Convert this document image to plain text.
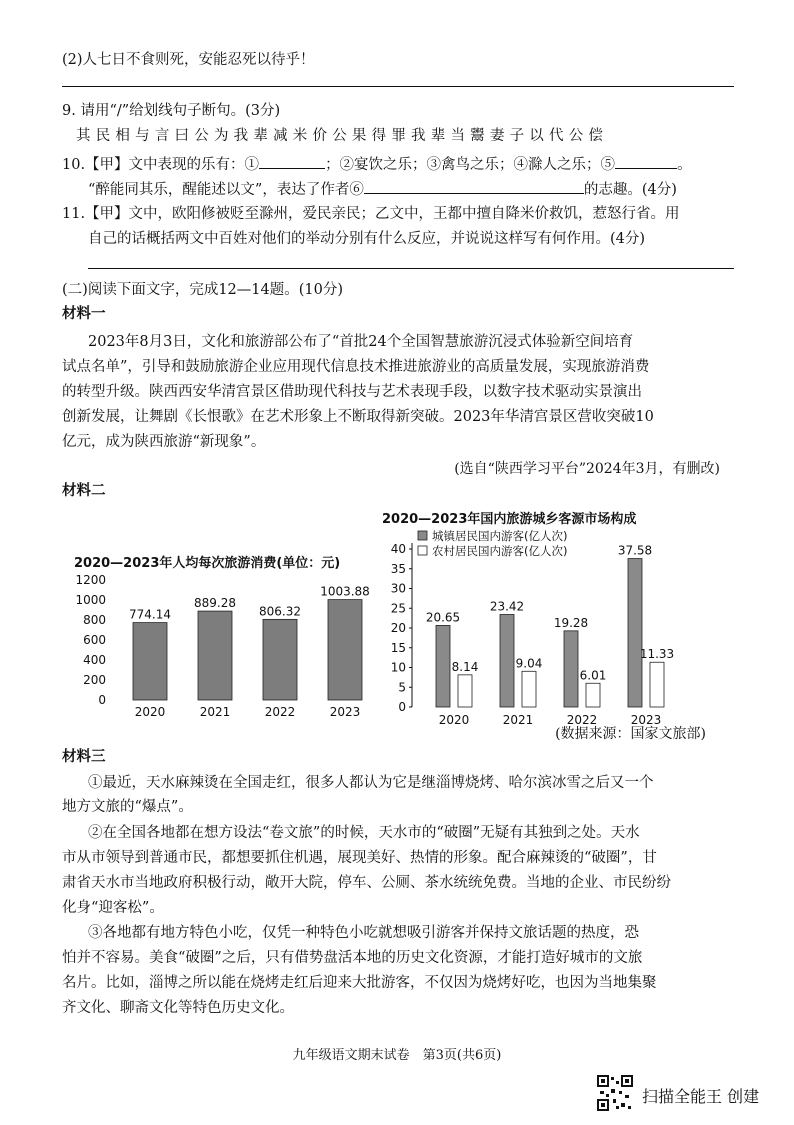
(2)人七日不食则死，安能忍死以待乎！
9. 请用“/”给划线句子断句。(3分)
其 民 相 与 言 曰 公 为 我 辈 减 米 价 公 果 得 罪 我 辈 当 鬻 妻 子 以 代 公 偿
10.【甲】文中表现的乐有：①	；②宴饮之乐；③禽鸟之乐；④滁人之乐；⑤	。
“醉能同其乐，醒能述以文”，表达了作者⑥	的志趣。(4分)
11.【甲】文中，欧阳修被贬至滁州，爱民亲民；乙文中，王都中擅自降米价救饥，惹怒行省。用
自己的话概括两文中百姓对他们的举动分别有什么反应，并说说这样写有何作用。(4分)
(二)阅读下面文字，完成12—14题。(10分)
材料一
2023年8月3日，文化和旅游部公布了“首批24个全国智慧旅游沉浸式体验新空间培育
试点名单”，引导和鼓励旅游企业应用现代信息技术推进旅游业的高质量发展，实现旅游消费
的转型升级。陕西西安华清宫景区借助现代科技与艺术表现手段，以数字技术驱动实景演出
创新发展，让舞剧《长恨歌》在艺术形象上不断取得新突破。2023年华清宫景区营收突破10
亿元，成为陕西旅游“新现象”。
(选自“陕西学习平台”2024年3月，有删改)
材料二
2020—2023年人均每次旅游消费(单位：元)
0
200
400
600
800
1000
1200
774.14
2020
889.28
2021
806.32
2022
1003.88
2023
2020—2023年国内旅游城乡客源市场构成
0
5
10
15
20
25
30
35
40
城镇居民国内游客(亿人次)
农村居民国内游客(亿人次)
20.65
8.14
2020
23.42
9.04
2021
19.28
6.01
2022
37.58
11.33
2023
(数据来源：国家文旅部)
材料三
①最近，天水麻辣烫在全国走红，很多人都认为它是继淄博烧烤、哈尔滨冰雪之后又一个
地方文旅的“爆点”。
②在全国各地都在想方设法“卷文旅”的时候，天水市的“破圈”无疑有其独到之处。天水
市从市领导到普通市民，都想要抓住机遇，展现美好、热情的形象。配合麻辣烫的“破圈”，甘
肃省天水市当地政府积极行动，敞开大院，停车、公厕、茶水统统免费。当地的企业、市民纷纷
化身“迎客松”。
③各地都有地方特色小吃，仅凭一种特色小吃就想吸引游客并保持文旅话题的热度，恐
怕并不容易。美食“破圈”之后，只有借势盘活本地的历史文化资源，才能打造好城市的文旅
名片。比如，淄博之所以能在烧烤走红后迎来大批游客，不仅因为烧烤好吃，也因为当地集聚
齐文化、聊斋文化等特色历史文化。
九年级语文期末试卷　第3页(共6页)
扫描全能王 创建
